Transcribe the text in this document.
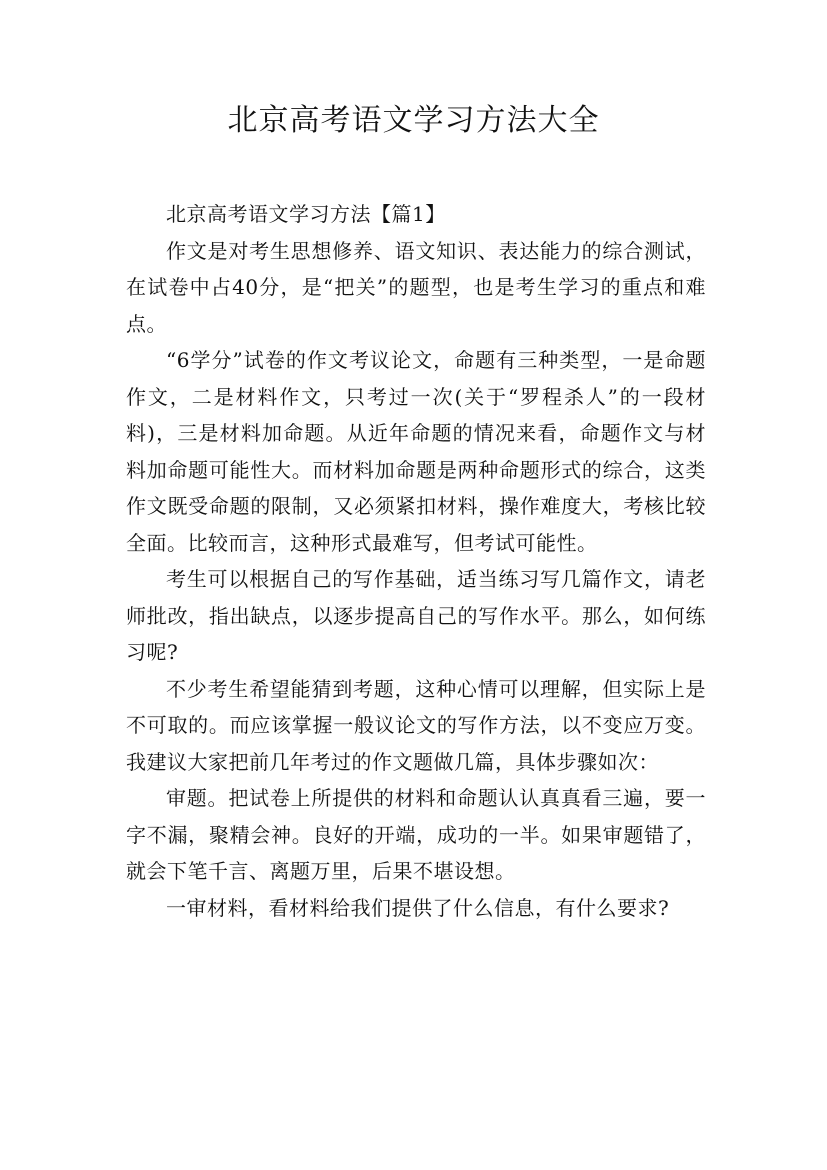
北京高考语文学习方法大全

北京高考语文学习方法【篇1】

作文是对考生思想修养、语文知识、表达能力的综合测试，在试卷中占40分，是“把关”的题型，也是考生学习的重点和难点。

“6学分”试卷的作文考议论文，命题有三种类型，一是命题作文，二是材料作文，只考过一次(关于“罗程杀人”的一段材料)，三是材料加命题。从近年命题的情况来看，命题作文与材料加命题可能性大。而材料加命题是两种命题形式的综合，这类作文既受命题的限制，又必须紧扣材料，操作难度大，考核比较全面。比较而言，这种形式最难写，但考试可能性。

考生可以根据自己的写作基础，适当练习写几篇作文，请老师批改，指出缺点，以逐步提高自己的写作水平。那么，如何练习呢?

不少考生希望能猜到考题，这种心情可以理解，但实际上是不可取的。而应该掌握一般议论文的写作方法，以不变应万变。我建议大家把前几年考过的作文题做几篇，具体步骤如次：

审题。把试卷上所提供的材料和命题认认真真看三遍，要一字不漏，聚精会神。良好的开端，成功的一半。如果审题错了，就会下笔千言、离题万里，后果不堪设想。

一审材料，看材料给我们提供了什么信息，有什么要求?
